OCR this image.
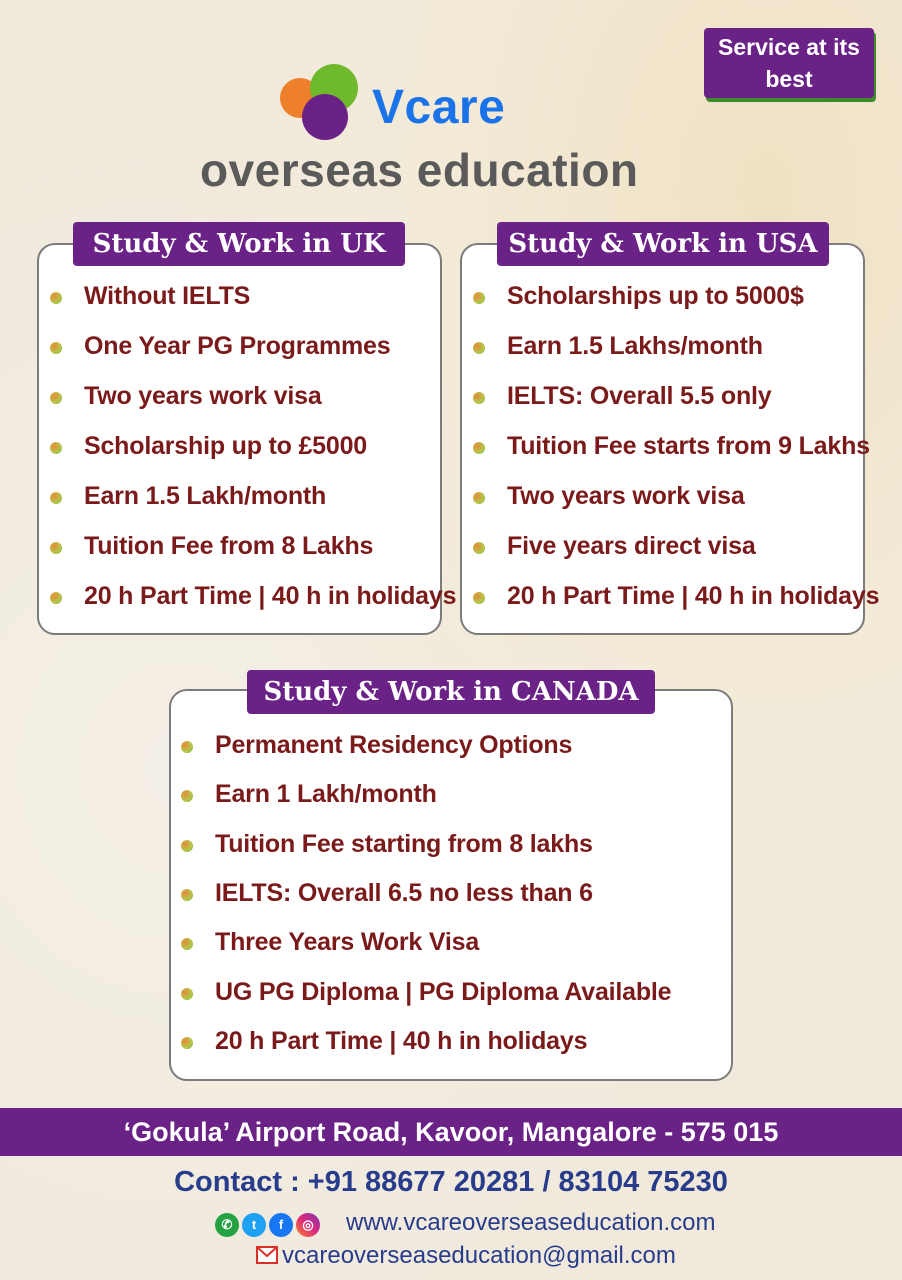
Service at its
best
Vcare
overseas education
Study & Work in UK
Without IELTS
One Year PG Programmes
Two years work visa
Scholarship up to £5000
Earn 1.5 Lakh/month
Tuition Fee from 8 Lakhs
20 h Part Time | 40 h in holidays
Study & Work in USA
Scholarships up to 5000$
Earn 1.5 Lakhs/month
IELTS: Overall 5.5 only
Tuition Fee starts from 9 Lakhs
Two years work visa
Five years direct visa
20 h Part Time | 40 h in holidays
Study & Work in CANADA
Permanent Residency Options
Earn 1 Lakh/month
Tuition Fee starting from 8 lakhs
IELTS: Overall 6.5 no less than 6
Three Years Work Visa
UG PG Diploma | PG Diploma Available
20 h Part Time | 40 h in holidays
‘Gokula’ Airport Road, Kavoor, Mangalore - 575 015
Contact : +91 88677 20281 / 83104 75230
✆	t	f	◎ www.vcareoverseaseducation.com
vcareoverseaseducation@gmail.com
